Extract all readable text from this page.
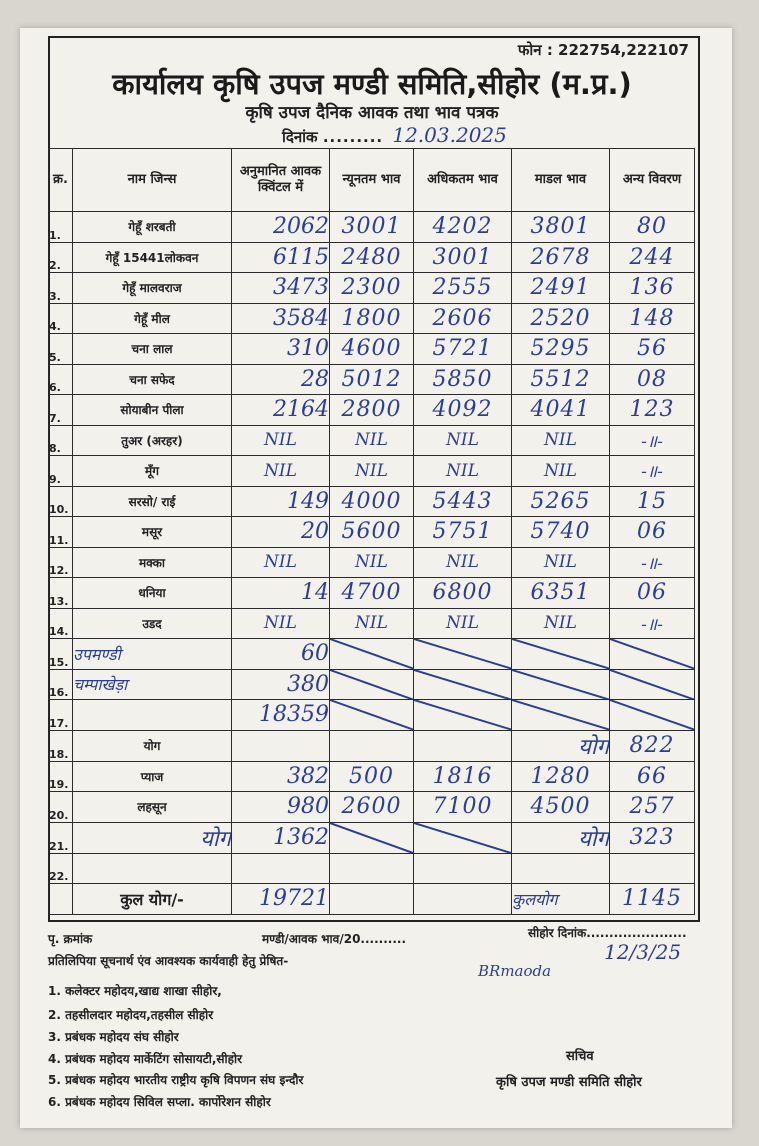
फोन : 222754,222107
कार्यालय कृषि उपज मण्डी समिति,सीहोर (म.प्र.)
कृषि उपज दैनिक आवक तथा भाव पत्रक
दिनांक ......... 12.03.2025
क्र.	नाम जिन्स	अनुमानित आवक क्विंटल में	न्यूनतम भाव	अधिकतम भाव	माडल भाव	अन्य विवरण
1.	गेहूँ शरबती	2062	3001	4202	3801	80
2.	गेहूँ 15441लोकवन	6115	2480	3001	2678	244
3.	गेहूँ मालवराज	3473	2300	2555	2491	136
4.	गेहूँ मील	3584	1800	2606	2520	148
5.	चना लाल	310	4600	5721	5295	56
6.	चना सफेद	28	5012	5850	5512	08
7.	सोयाबीन पीला	2164	2800	4092	4041	123
8.	तुअर (अरहर)	NIL	NIL	NIL	NIL	-॥-
9.	मूँग	NIL	NIL	NIL	NIL	-॥-
10.	सरसो/ राई	149	4000	5443	5265	15
11.	मसूर	20	5600	5751	5740	06
12.	मक्का	NIL	NIL	NIL	NIL	-॥-
13.	धनिया	14	4700	6800	6351	06
14.	उडद	NIL	NIL	NIL	NIL	-॥-
15.	उपमण्डी	60	

16.	चम्पाखेड़ा	380	

17.		18359	

18.	योग				योग	822
19.	प्याज	382	500	1816	1280	66
20.	लहसून	980	2600	7100	4500	257
21.	योग	1362			योग	323
22.						
	कुल योग/-	19721			कुलयोग	1145
पृ. क्रमांक	मण्डी/आवक भाव/20..........	सीहोर दिनांक......................
12/3/25
प्रतिलिपिया सूचनार्थ एंव आवश्यक कार्यवाही हेतु प्रेषित-
BRmaoda
1. कलेक्टर महोदय,खाद्य शाखा सीहोर,
2. तहसीलदार महोदय,तहसील सीहोर
3. प्रबंधक महोदय संघ सीहोर
4. प्रबंधक महोदय मार्केटिंग सोसायटी,सीहोर
5. प्रबंधक महोदय भारतीय राष्ट्रीय कृषि विपणन संघ इन्दौर
6. प्रबंधक महोदय सिविल सप्ला. कार्पोरेशन सीहोर
सचिव
कृषि उपज मण्डी समिति सीहोर
